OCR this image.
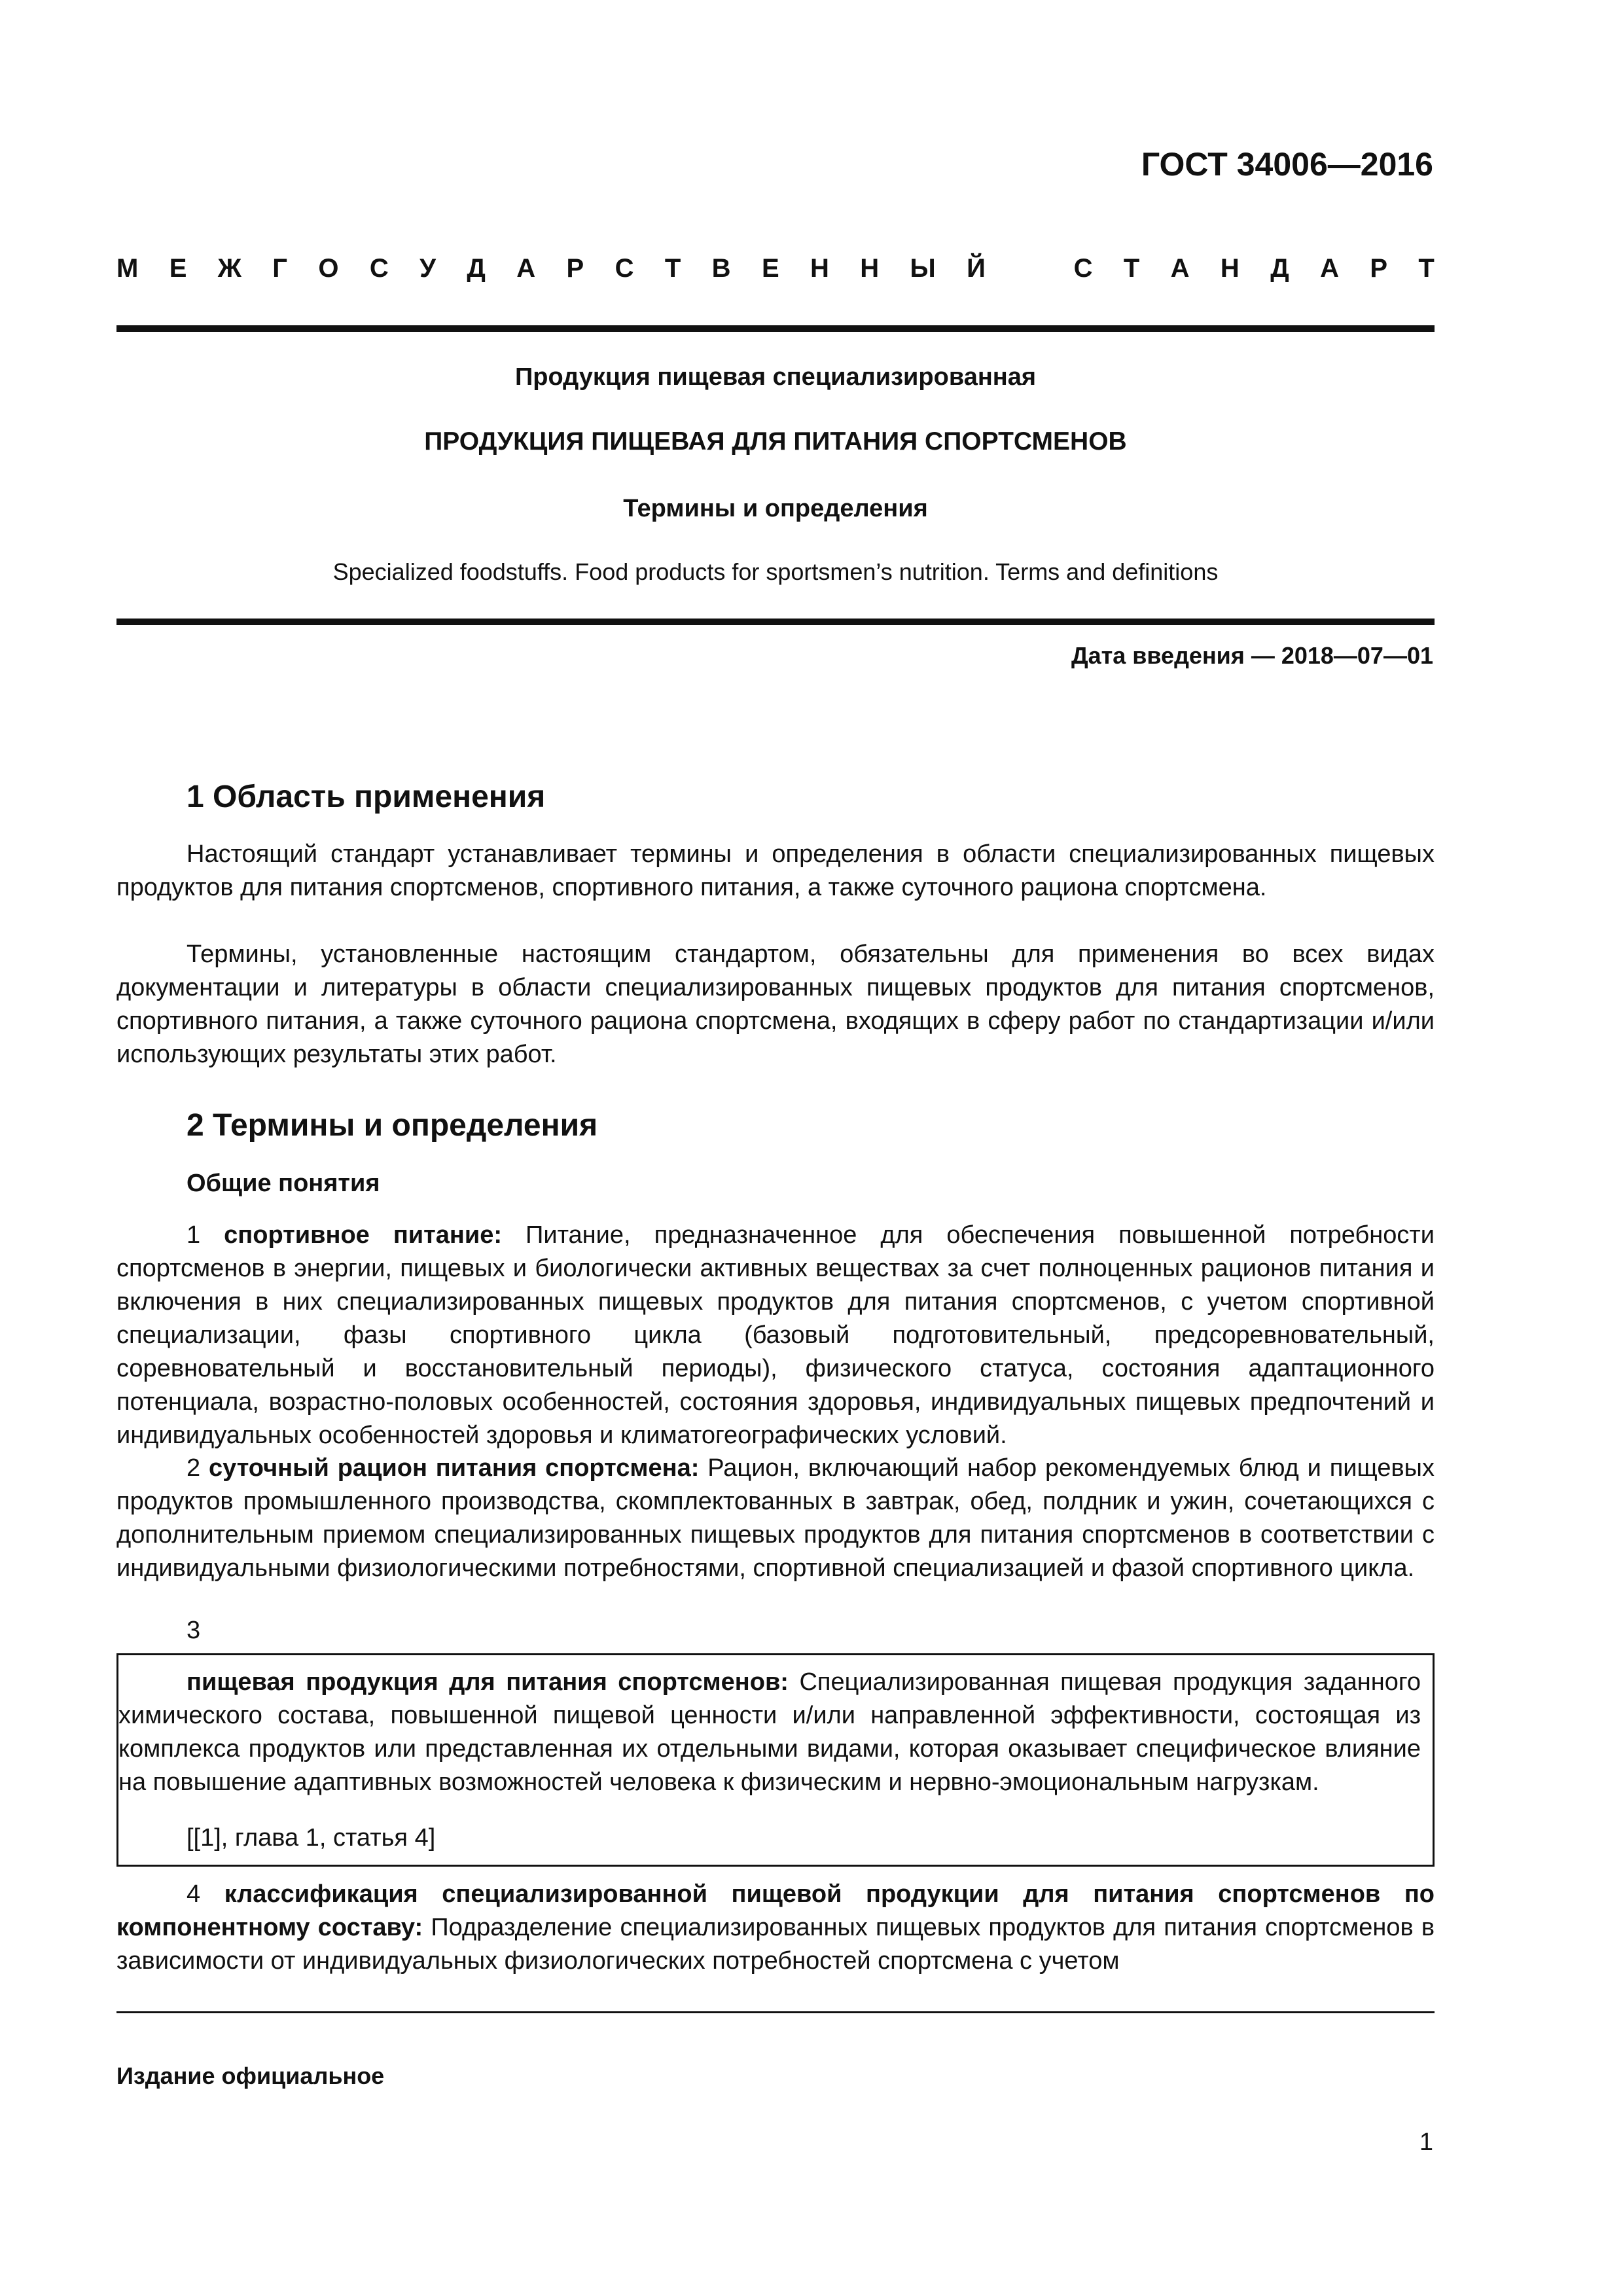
ГОСТ 34006—2016
М Е Ж Г О С У Д А Р С Т В Е Н Н Ы Й	С Т А Н Д А Р Т
Продукция пищевая специализированная
ПРОДУКЦИЯ ПИЩЕВАЯ ДЛЯ ПИТАНИЯ СПОРТСМЕНОВ
Термины и определения
Specialized foodstuffs. Food products for sportsmen’s nutrition. Terms and definitions
Дата введения — 2018—07—01
1 Область применения

Настоящий стандарт устанавливает термины и определения в области специализированных пищевых продуктов для питания спортсменов, спортивного питания, а также суточного рациона спортсмена.

Термины, установленные настоящим стандартом, обязательны для применения во всех видах документации и литературы в области специализированных пищевых продуктов для питания спортсменов, спортивного питания, а также суточного рациона спортсмена, входящих в сферу работ по стандартизации и/или использующих результаты этих работ.

2 Термины и определения
Общие понятия

1 спортивное питание: Питание, предназначенное для обеспечения повышенной потребности спортсменов в энергии, пищевых и биологически активных веществах за счет полноценных рационов питания и включения в них специализированных пищевых продуктов для питания спортсменов, с учетом спортивной специализации, фазы спортивного цикла (базовый подготовительный, предсоревновательный, соревновательный и восстановительный периоды), физического статуса, состояния адаптационного потенциала, возрастно-половых особенностей, состояния здоровья, индивидуальных пищевых предпочтений и индивидуальных особенностей здоровья и климатогеографических условий.

2 суточный рацион питания спортсмена: Рацион, включающий набор рекомендуемых блюд и пищевых продуктов промышленного производства, скомплектованных в завтрак, обед, полдник и ужин, сочетающихся с дополнительным приемом специализированных пищевых продуктов для питания спортсменов в соответствии с индивидуальными физиологическими потребностями, спортивной специализацией и фазой спортивного цикла.

3

пищевая продукция для питания спортсменов: Специализированная пищевая продукция заданного химического состава, повышенной пищевой ценности и/или направленной эффективности, состоящая из комплекса продуктов или представленная их отдельными видами, которая оказывает специфическое влияние на повышение адаптивных возможностей человека к физическим и нервно-эмоциональным нагрузкам.

[[1], глава 1, статья 4]

4 классификация специализированной пищевой продукции для питания спортсменов по компонентному составу: Подразделение специализированных пищевых продуктов для питания спортсменов в зависимости от индивидуальных физиологических потребностей спортсмена с учетом

Издание официальное
1
